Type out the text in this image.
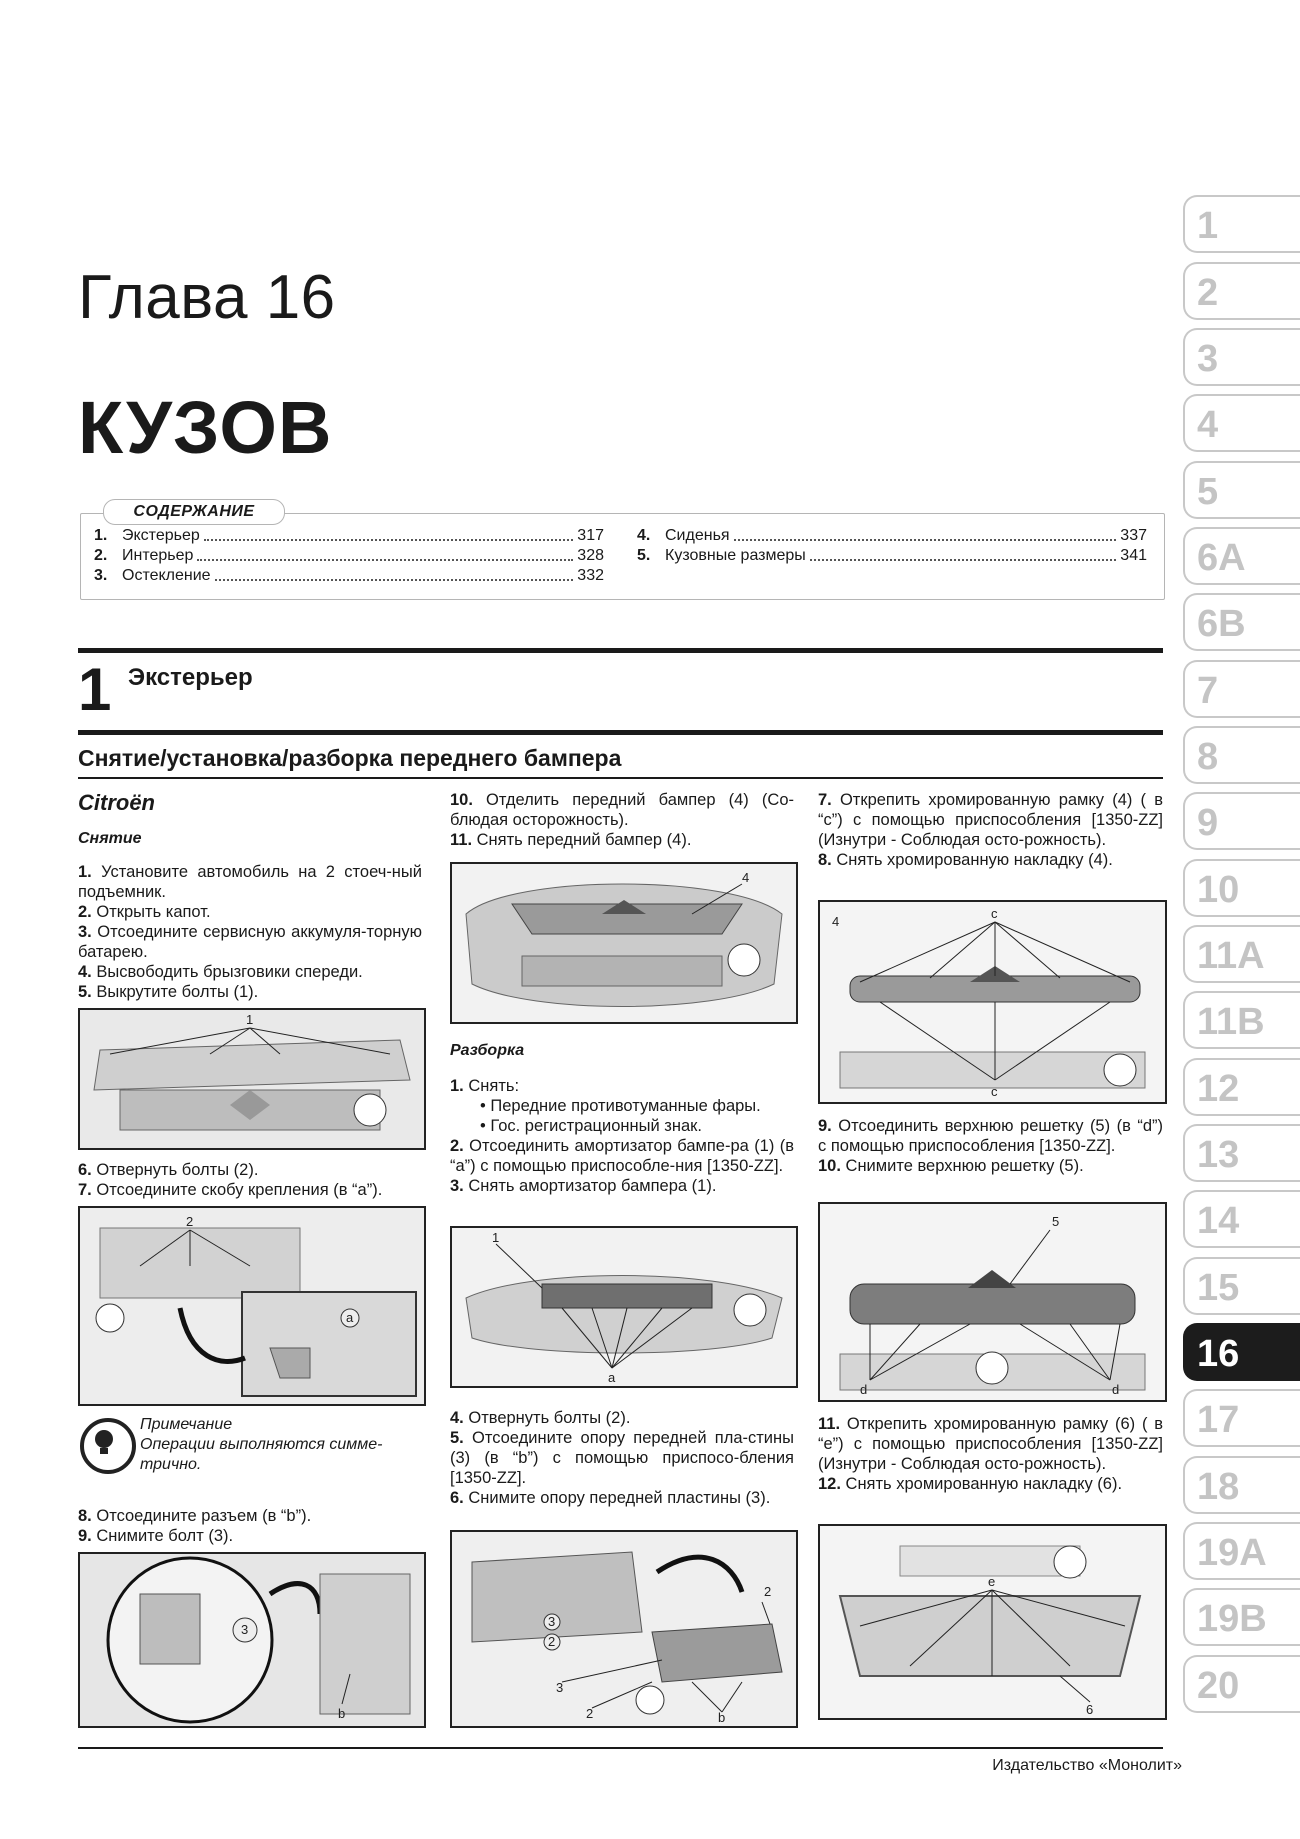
Глава 16
КУЗОВ
СОДЕРЖАНИЕ
1. Экстерьер	317
2. Интерьер	328
3. Остекление	332
4. Сиденья	337
5. Кузовные размеры	341
1 Экстерьер
Снятие/установка/разборка переднего бампера
Citroën
Снятие

1. Установите автомобиль на 2 стоеч-ный подъемник.

2. Открыть капот.

3. Отсоедините сервисную аккумуля-торную батарею.

4. Высвободить брызговики спереди.

5. Выкрутите болты (1).

1

6. Отвернуть болты (2).

7. Отсоедините скобу крепления (в “a”).

2
a
Примечание
Операции выполняются симме-трично.

8. Отсоедините разъем (в “b”).

9. Снимите болт (3).

3
b

10. Отделить передний бампер (4) (Со-блюдая осторожность).

11. Снять передний бампер (4).

4
Разборка

1. Снять:

• Передние противотуманные фары.

• Гос. регистрационный знак.

2. Отсоединить амортизатор бампе-ра (1) (в “a”) с помощью приспособле-ния [1350-ZZ].

3. Снять амортизатор бампера (1).

1
a

4. Отвернуть болты (2).

5. Отсоедините опору передней пла-стины (3) (в “b”) с помощью приспосо-бления [1350-ZZ].

6. Снимите опору передней пластины (3).

3
2
2
3
2	b

7. Открепить хромированную рамку (4) ( в “c”) с помощью приспособления [1350-ZZ] (Изнутри - Соблюдая осто-рожность).

8. Снять хромированную накладку (4).

4
c
c

9. Отсоединить верхнюю решетку (5) (в “d”) с помощью приспособления [1350-ZZ].

10. Снимите верхнюю решетку (5).

5
d	d

11. Открепить хромированную рамку (6) ( в “e”) с помощью приспособления [1350-ZZ] (Изнутри - Соблюдая осто-рожность).

12. Снять хромированную накладку (6).

e
6
1
2
3
4
5
6A
6B
7
8
9
10
11A
11B
12
13
14
15
16
17
18
19A
19B
20
Издательство «Монолит»
